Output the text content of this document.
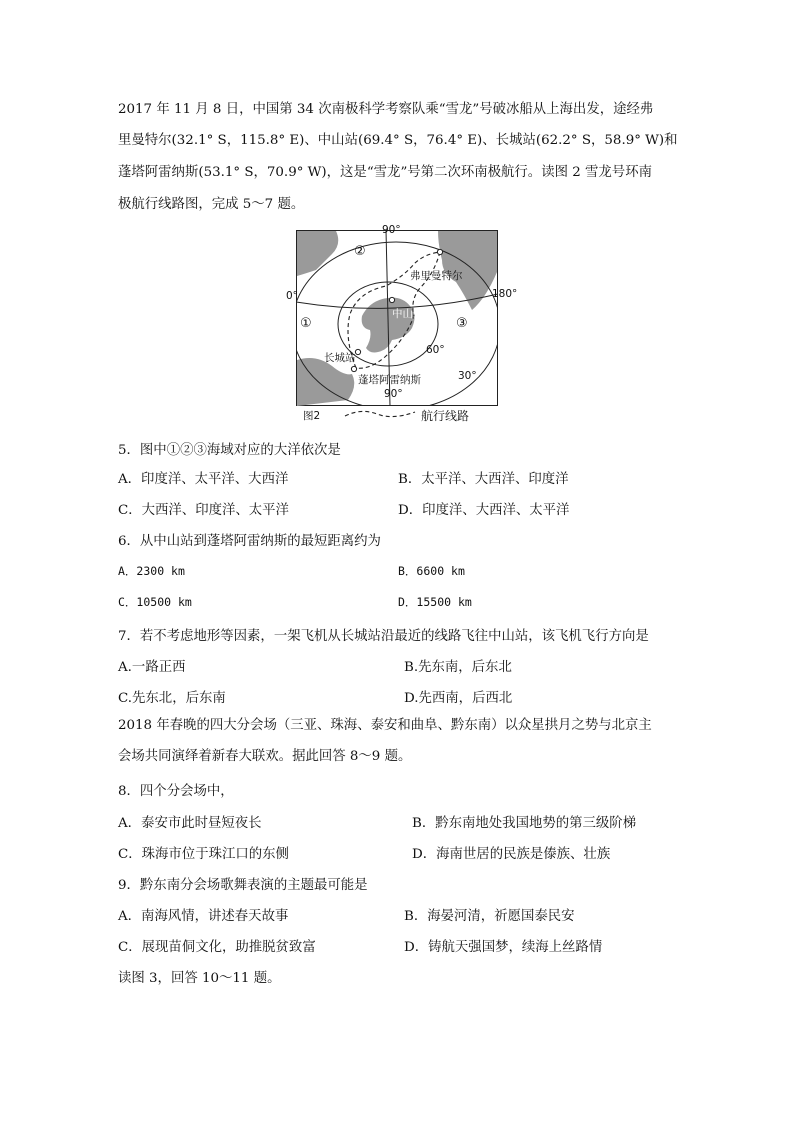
2017 年 11 月 8 日，中国第 34 次南极科学考察队乘“雪龙”号破冰船从上海出发，途经弗
里曼特尔(32.1° S，115.8° E)、中山站(69.4° S，76.4° E)、长城站(62.2° S，58.9° W)和
蓬塔阿雷纳斯(53.1° S，70.9° W)，这是“雪龙”号第二次环南极航行。读图 2 雪龙号环南
极航行线路图，完成 5～7 题。
90°
90°
0°	180°
60°
30°
①
②
③
弗里曼特尔
中山站
长城站
蓬塔阿雷纳斯
图2	航行线路
5．图中①②③海域对应的大洋依次是
A．印度洋、太平洋、大西洋	B．太平洋、大西洋、印度洋
C．大西洋、印度洋、太平洋	D．印度洋、大西洋、太平洋
6．从中山站到蓬塔阿雷纳斯的最短距离约为
A．2300 km	B．6600 km
C．10500 km	D．15500 km
7．若不考虑地形等因素，一架飞机从长城站沿最近的线路飞往中山站，该飞机飞行方向是
A.一路正西	B.先东南，后东北
C.先东北，后东南	D.先西南，后西北
2018 年春晚的四大分会场（三亚、珠海、泰安和曲阜、黔东南）以众星拱月之势与北京主
会场共同演绎着新春大联欢。据此回答 8～9 题。
8．四个分会场中，
A．泰安市此时昼短夜长	B．黔东南地处我国地势的第三级阶梯
C．珠海市位于珠江口的东侧	D．海南世居的民族是傣族、壮族
9．黔东南分会场歌舞表演的主题最可能是
A．南海风情，讲述春天故事	B．海晏河清，祈愿国泰民安
C．展现苗侗文化，助推脱贫致富	D．铸航天强国梦，续海上丝路情
读图 3，回答 10～11 题。
